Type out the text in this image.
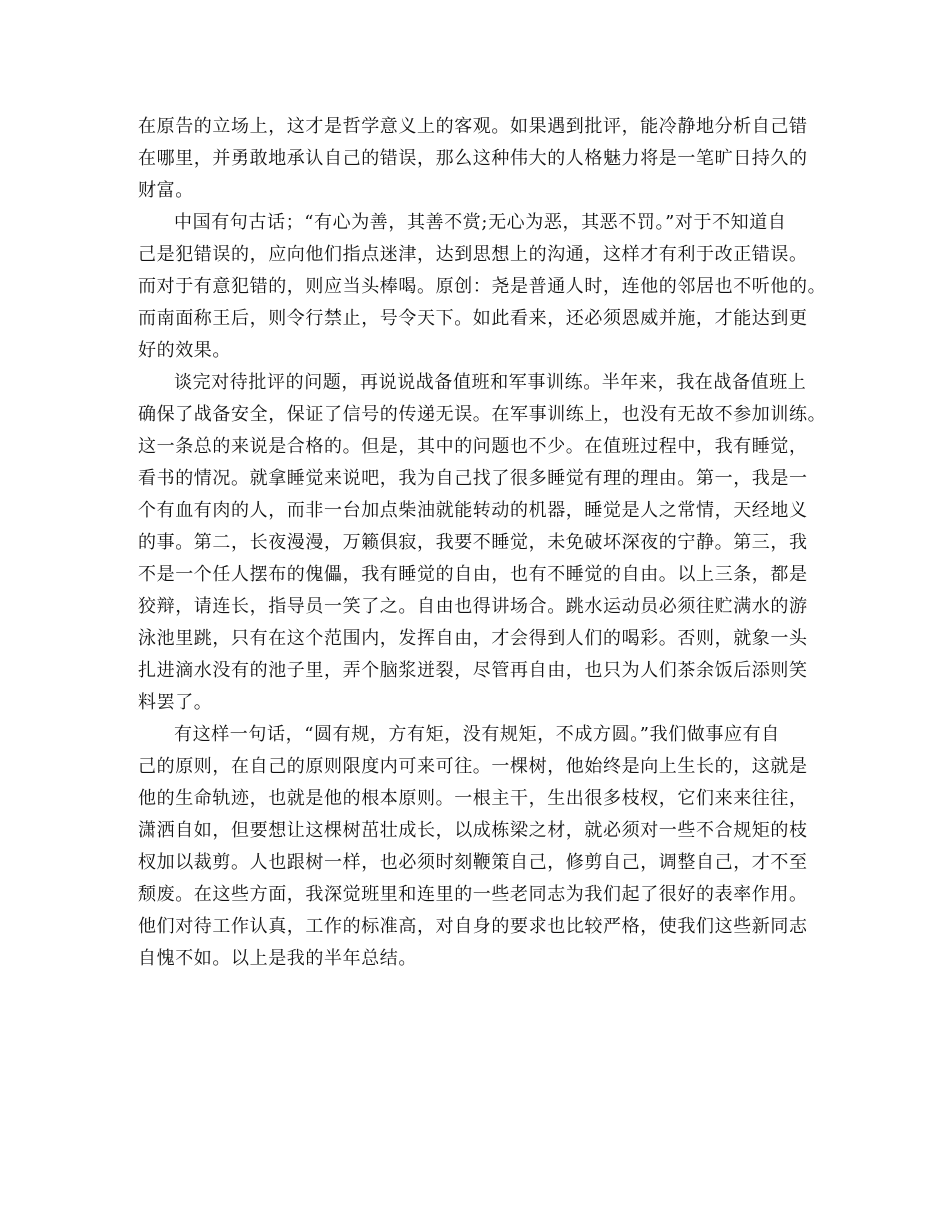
在原告的立场上，这才是哲学意义上的客观。如果遇到批评，能冷静地分析自己错
在哪里，并勇敢地承认自己的错误，那么这种伟大的人格魅力将是一笔旷日持久的
财富。
中国有句古话；“有心为善，其善不赏;无心为恶，其恶不罚。”对于不知道自
己是犯错误的，应向他们指点迷津，达到思想上的沟通，这样才有利于改正错误。
而对于有意犯错的，则应当头棒喝。原创：尧是普通人时，连他的邻居也不听他的。
而南面称王后，则令行禁止，号令天下。如此看来，还必须恩威并施，才能达到更
好的效果。
谈完对待批评的问题，再说说战备值班和军事训练。半年来，我在战备值班上
确保了战备安全，保证了信号的传递无误。在军事训练上，也没有无故不参加训练。
这一条总的来说是合格的。但是，其中的问题也不少。在值班过程中，我有睡觉，
看书的情况。就拿睡觉来说吧，我为自己找了很多睡觉有理的理由。第一，我是一
个有血有肉的人，而非一台加点柴油就能转动的机器，睡觉是人之常情，天经地义
的事。第二，长夜漫漫，万籁俱寂，我要不睡觉，未免破坏深夜的宁静。第三，我
不是一个任人摆布的傀儡，我有睡觉的自由，也有不睡觉的自由。以上三条，都是
狡辩，请连长，指导员一笑了之。自由也得讲场合。跳水运动员必须往贮满水的游
泳池里跳，只有在这个范围内，发挥自由，才会得到人们的喝彩。否则，就象一头
扎进滴水没有的池子里，弄个脑浆迸裂，尽管再自由，也只为人们茶余饭后添则笑
料罢了。
有这样一句话，“圆有规，方有矩，没有规矩，不成方圆。”我们做事应有自
己的原则，在自己的原则限度内可来可往。一棵树，他始终是向上生长的，这就是
他的生命轨迹，也就是他的根本原则。一根主干，生出很多枝杈，它们来来往往，
潇洒自如，但要想让这棵树茁壮成长，以成栋梁之材，就必须对一些不合规矩的枝
杈加以裁剪。人也跟树一样，也必须时刻鞭策自己，修剪自己，调整自己，才不至
颓废。在这些方面，我深觉班里和连里的一些老同志为我们起了很好的表率作用。
他们对待工作认真，工作的标准高，对自身的要求也比较严格，使我们这些新同志
自愧不如。以上是我的半年总结。
